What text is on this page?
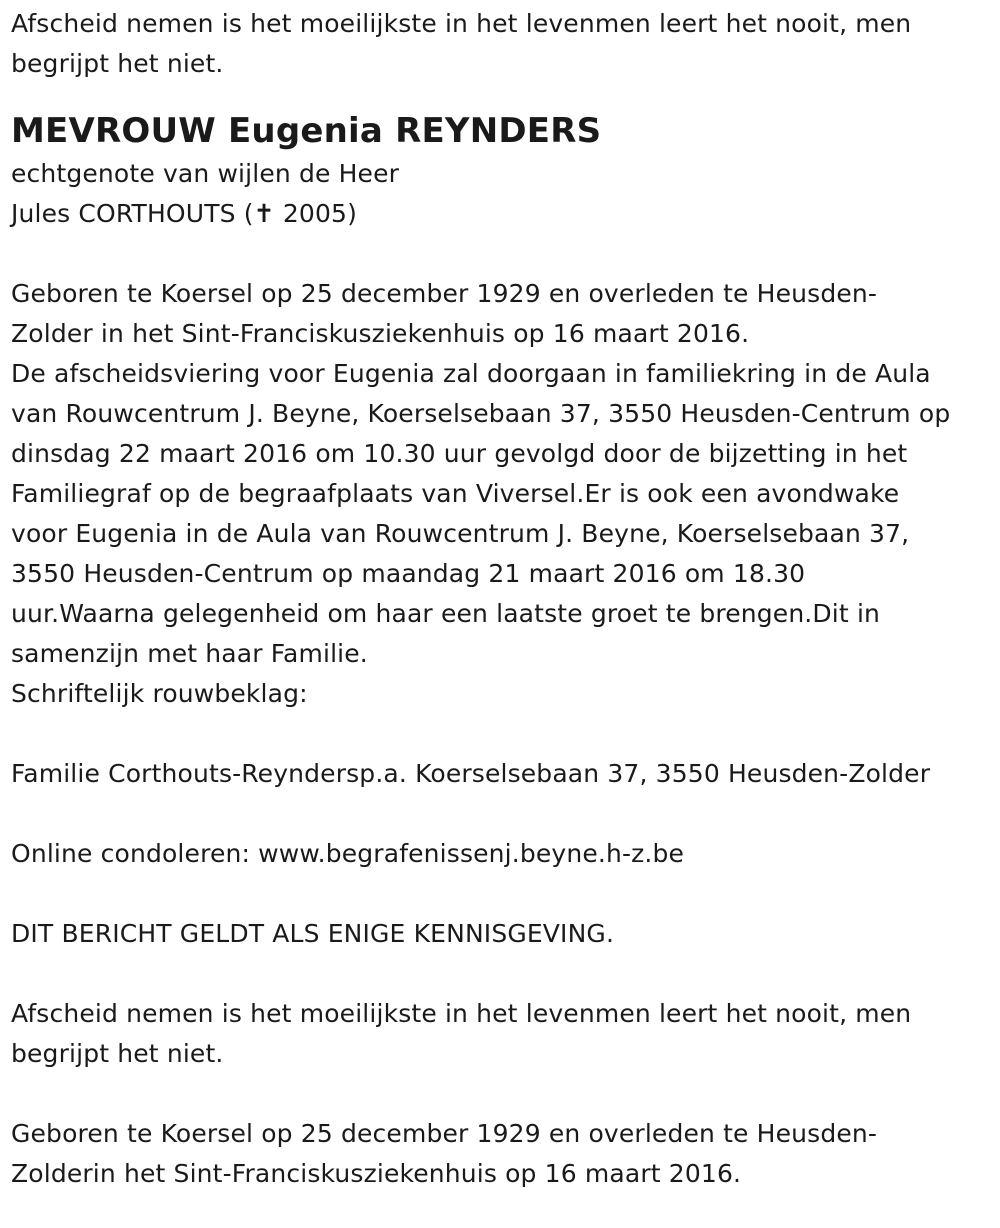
Afscheid nemen is het moeilijkste in het levenmen leert het nooit, men
begrijpt het niet.
MEVROUW Eugenia REYNDERS
echtgenote van wijlen de Heer
Jules CORTHOUTS (✝ 2005)
Geboren te Koersel op 25 december 1929 en overleden te Heusden-
Zolder in het Sint-Franciskusziekenhuis op 16 maart 2016.
De afscheidsviering voor Eugenia zal doorgaan in familiekring in de Aula
van Rouwcentrum J. Beyne, Koerselsebaan 37, 3550 Heusden-Centrum op
dinsdag 22 maart 2016 om 10.30 uur gevolgd door de bijzetting in het
Familiegraf op de begraafplaats van Viversel.Er is ook een avondwake
voor Eugenia in de Aula van Rouwcentrum J. Beyne, Koerselsebaan 37,
3550 Heusden-Centrum op maandag 21 maart 2016 om 18.30
uur.Waarna gelegenheid om haar een laatste groet te brengen.Dit in
samenzijn met haar Familie.
Schriftelijk rouwbeklag:
Familie Corthouts-Reyndersp.a. Koerselsebaan 37, 3550 Heusden-Zolder
Online condoleren: www.begrafenissenj.beyne.h-z.be
DIT BERICHT GELDT ALS ENIGE KENNISGEVING.
Afscheid nemen is het moeilijkste in het levenmen leert het nooit, men
begrijpt het niet.
Geboren te Koersel op 25 december 1929 en overleden te Heusden-
Zolderin het Sint-Franciskusziekenhuis op 16 maart 2016.
